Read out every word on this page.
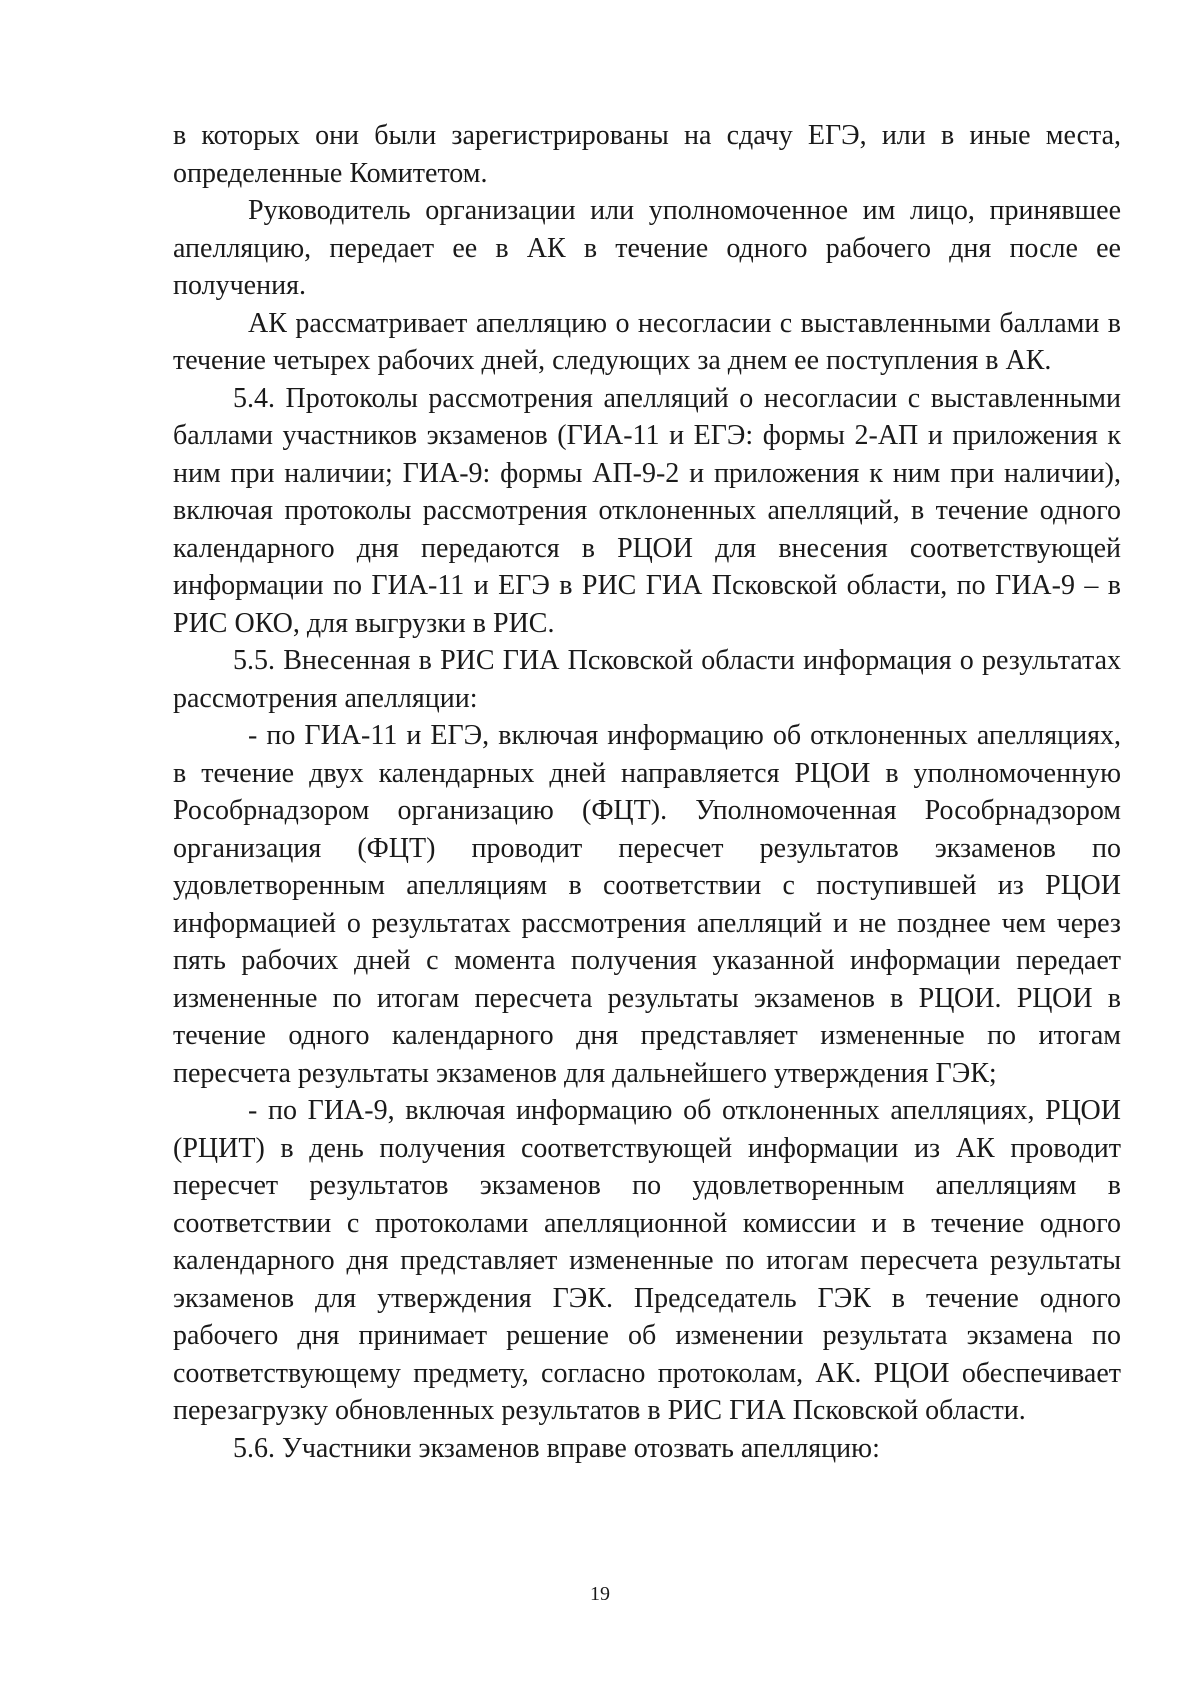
в которых они были зарегистрированы на сдачу ЕГЭ, или в иные места, определенные Комитетом.

Руководитель организации или уполномоченное им лицо, принявшее апелляцию, передает ее в АК в течение одного рабочего дня после ее получения.

АК рассматривает апелляцию о несогласии с выставленными баллами в течение четырех рабочих дней, следующих за днем ее поступления в АК.

5.4. Протоколы рассмотрения апелляций о несогласии с выставленными баллами участников экзаменов (ГИА-11 и ЕГЭ: формы 2-АП и приложения к ним при наличии; ГИА-9: формы АП-9-2 и приложения к ним при наличии), включая протоколы рассмотрения отклоненных апелляций, в течение одного календарного дня передаются в РЦОИ для внесения соответствующей информации по ГИА-11 и ЕГЭ в РИС ГИА Псковской области, по ГИА-9 – в РИС ОКО, для выгрузки в РИС.

5.5. Внесенная в РИС ГИА Псковской области информация о результатах рассмотрения апелляции:

- по ГИА-11 и ЕГЭ, включая информацию об отклоненных апелляциях, в течение двух календарных дней направляется РЦОИ в уполномоченную Рособрнадзором организацию (ФЦТ). Уполномоченная Рособрнадзором организация (ФЦТ) проводит пересчет результатов экзаменов по удовлетворенным апелляциям в соответствии с поступившей из РЦОИ информацией о результатах рассмотрения апелляций и не позднее чем через пять рабочих дней с момента получения указанной информации передает измененные по итогам пересчета результаты экзаменов в РЦОИ. РЦОИ в течение одного календарного дня представляет измененные по итогам пересчета результаты экзаменов для дальнейшего утверждения ГЭК;

- по ГИА-9, включая информацию об отклоненных апелляциях, РЦОИ (РЦИТ) в день получения соответствующей информации из АК проводит пересчет результатов экзаменов по удовлетворенным апелляциям в соответствии с протоколами апелляционной комиссии и в течение одного календарного дня представляет измененные по итогам пересчета результаты экзаменов для утверждения ГЭК. Председатель ГЭК в течение одного рабочего дня принимает решение об изменении результата экзамена по соответствующему предмету, согласно протоколам, АК. РЦОИ обеспечивает перезагрузку обновленных результатов в РИС ГИА Псковской области.

5.6. Участники экзаменов вправе отозвать апелляцию:

19
